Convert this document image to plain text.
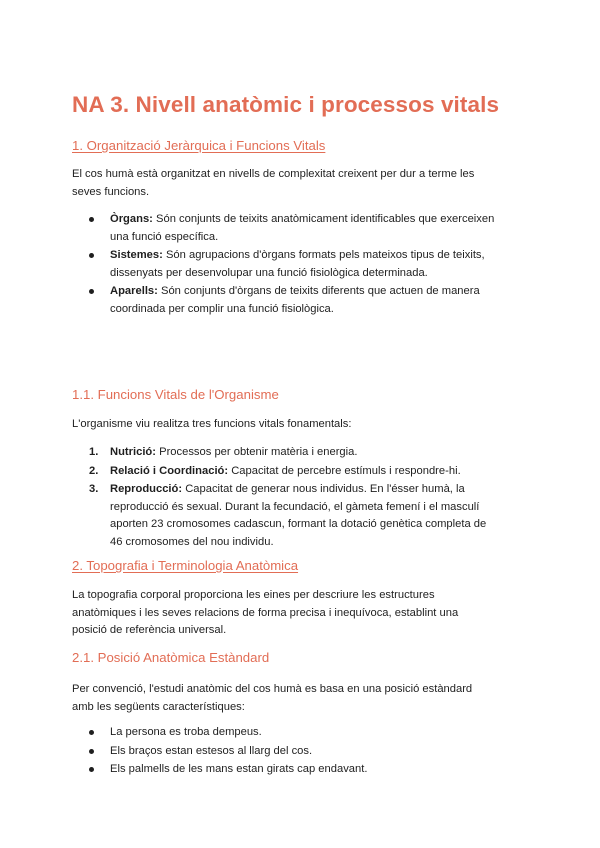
NA 3. Nivell anatòmic i processos vitals
1. Organització Jeràrquica i Funcions Vitals

El cos humà està organitzat en nivells de complexitat creixent per dur a terme les
seves funcions.

Òrgans: Són conjunts de teixits anatòmicament identificables que exerceixen
una funció específica.
Sistemes: Són agrupacions d'òrgans formats pels mateixos tipus de teixits,
dissenyats per desenvolupar una funció fisiològica determinada.
Aparells: Són conjunts d'òrgans de teixits diferents que actuen de manera
coordinada per complir una funció fisiològica.
1.1. Funcions Vitals de l'Organisme

L'organisme viu realitza tres funcions vitals fonamentals:

1. Nutrició: Processos per obtenir matèria i energia.
2. Relació i Coordinació: Capacitat de percebre estímuls i respondre-hi.
3. Reproducció: Capacitat de generar nous individus. En l'ésser humà, la
reproducció és sexual. Durant la fecundació, el gàmeta femení i el masculí
aporten 23 cromosomes cadascun, formant la dotació genètica completa de
46 cromosomes del nou individu.
2. Topografia i Terminologia Anatòmica

La topografia corporal proporciona les eines per descriure les estructures
anatòmiques i les seves relacions de forma precisa i inequívoca, establint una
posició de referència universal.

2.1. Posició Anatòmica Estàndard

Per convenció, l'estudi anatòmic del cos humà es basa en una posició estàndard
amb les següents característiques:

La persona es troba dempeus.
Els braços estan estesos al llarg del cos.
Els palmells de les mans estan girats cap endavant.
